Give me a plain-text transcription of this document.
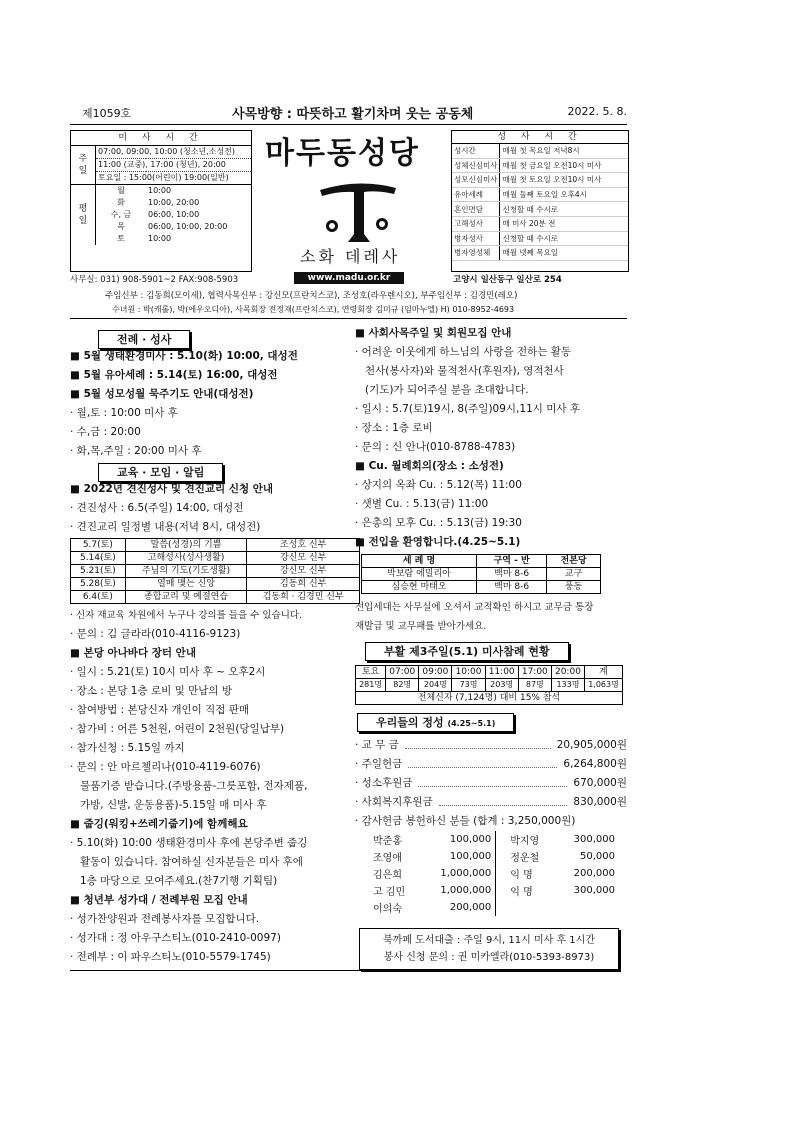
제1059호	사목방향 : 따뜻하고 활기차며 웃는 공동체	2022. 5. 8.
미 사 시 간
주 일	07:00, 09:00, 10:00 (청소년,소성전)	
	11:00 (교중), 17:00 (청년), 20:00	
	토요일 : 15:00(어린이) 19:00(일반)	
평 일	월	10:00
	화	10:00, 20:00
	수, 금	06:00, 10:00
	목	06:00, 10:00, 20:00
	토	10:00
마두동성당
소화 데레사
www.madu.or.kr
성 사 시 간
성시간	매월 첫 목요일 저녁8시
성체신심미사	매월 첫 금요일 오전10시 미사
성모신심미사	매월 첫 토요일 오전10시 미사
유아세례	매월 둘째 토요일 오후4시
혼인면담	신청할 때 수시로
고해성사	매 미사 20분 전
병자성사	신청할 때 수시로
병자영성체	매월 넷째 목요일
사무실: 031) 908-5901~2 FAX:908-5903	고양시 일산동구 일산로 254
주임신부 : 김동희(모이세), 협력사목신부 : 강신모(프란치스코), 조성호(라우렌시오), 부주임신부 : 김경민(레오)
수녀원 : 박(캐롤), 박(에우오디아), 사목회장 전정재(프란치스코), 연령회장 김미규 (임마누엘) H) 010-8952-4693
전례 · 성사
■ 5월 생태환경미사 : 5.10(화) 10:00, 대성전
■ 5월 유아세례 : 5.14(토) 16:00, 대성전
■ 5월 성모성월 묵주기도 안내(대성전)
· 월,토 : 10:00 미사 후
· 수,금 : 20:00
· 화,목,주일 : 20:00 미사 후
교육 · 모임 · 알림
■ 2022년 견진성사 및 견진교리 신청 안내
· 견진성사 : 6.5(주일) 14:00, 대성전
· 견진교리 일정별 내용(저녁 8시, 대성전)
5.7(토)	말씀(성경)의 기쁨	조성호 신부
5.14(토)	고해성사(성사생활)	강신모 신부
5.21(토)	주님의 기도(기도생활)	강신모 신부
5.28(토)	열매 맺는 신앙	김동희 신부
6.4(토)	종합교리 및 예절연습	김동희 · 김경민 신부
· 신자 재교육 차원에서 누구나 강의를 들을 수 있습니다.
· 문의 : 김 글라라(010-4116-9123)
■ 본당 아나바다 장터 안내
· 일시 : 5.21(토) 10시 미사 후 ~ 오후2시
· 장소 : 본당 1층 로비 및 만남의 방
· 참여방법 : 본당신자 개인이 직접 판매
· 참가비 : 어른 5천원, 어린이 2천원(당일납부)
· 참가신청 : 5.15일 까지
· 문의 : 안 마르첼리나(010-4119-6076)
물품기증 받습니다.(주방용품-그릇포함, 전자제품,
가방, 신발, 운동용품)-5.15일 매 미사 후
■ 줍깅(워킹+쓰레기줍기)에 함께해요
· 5.10(화) 10:00 생태환경미사 후에 본당주변 줍깅
활동이 있습니다. 참여하실 신자분들은 미사 후에
1층 마당으로 모여주세요.(찬7기행 기획팀)
■ 청년부 성가대 / 전례부원 모집 안내
· 성가찬양원과 전례봉사자를 모집합니다.
· 성가대 : 정 아우구스티노(010-2410-0097)
· 전례부 : 이 파우스티노(010-5579-1745)
■ 사회사목주일 및 회원모집 안내
· 어려운 이웃에게 하느님의 사랑을 전하는 활동
천사(봉사자)와 물적천사(후원자), 영적천사
(기도)가 되어주실 분을 초대합니다.
· 일시 : 5.7(토)19시, 8(주일)09시,11시 미사 후
· 장소 : 1층 로비
· 문의 : 신 안나(010-8788-4783)
■ Cu. 월례회의(장소 : 소성전)
· 상지의 옥좌 Cu. : 5.12(목) 11:00
· 샛별 Cu. : 5.13(금) 11:00
· 은총의 모후 Cu. : 5.13(금) 19:30
■ 전입을 환영합니다.(4.25~5.1)
세 례 명	구역 - 반	전본당
박보람 에밀리아	백마 8-6	교구
심승현 마태오	백마 8-6	풍동
전입세대는 사무실에 오셔서 교적확인 하시고 교무금 통장
재발급 및 교무패를 받아가세요.
부활 제3주일(5.1) 미사참례 현황
토요	07:00	09:00	10:00	11:00	17:00	20:00	계
281명	82명	204명	73명	203명	87명	133명	1,063명
전체신자 (7,124명) 대비 15% 참석							
우리들의 정성 (4.25~5.1)
· 교 무 금	20,905,000원
· 주일헌금	6,264,800원
· 성소후원금	670,000원
· 사회복지후원금	830,000원
· 감사헌금 봉헌하신 분들 (합계 : 3,250,000원)
박준홍	100,000	박지영	300,000
조영애	100,000	정운철	50,000
김은희	1,000,000	익 명	200,000
고 김민	1,000,000	익 명	300,000
이의숙	200,000		
북까페 도서대출 : 주일 9시, 11시 미사 후 1시간
봉사 신청 문의 : 권 미카엘라(010-5393-8973)
